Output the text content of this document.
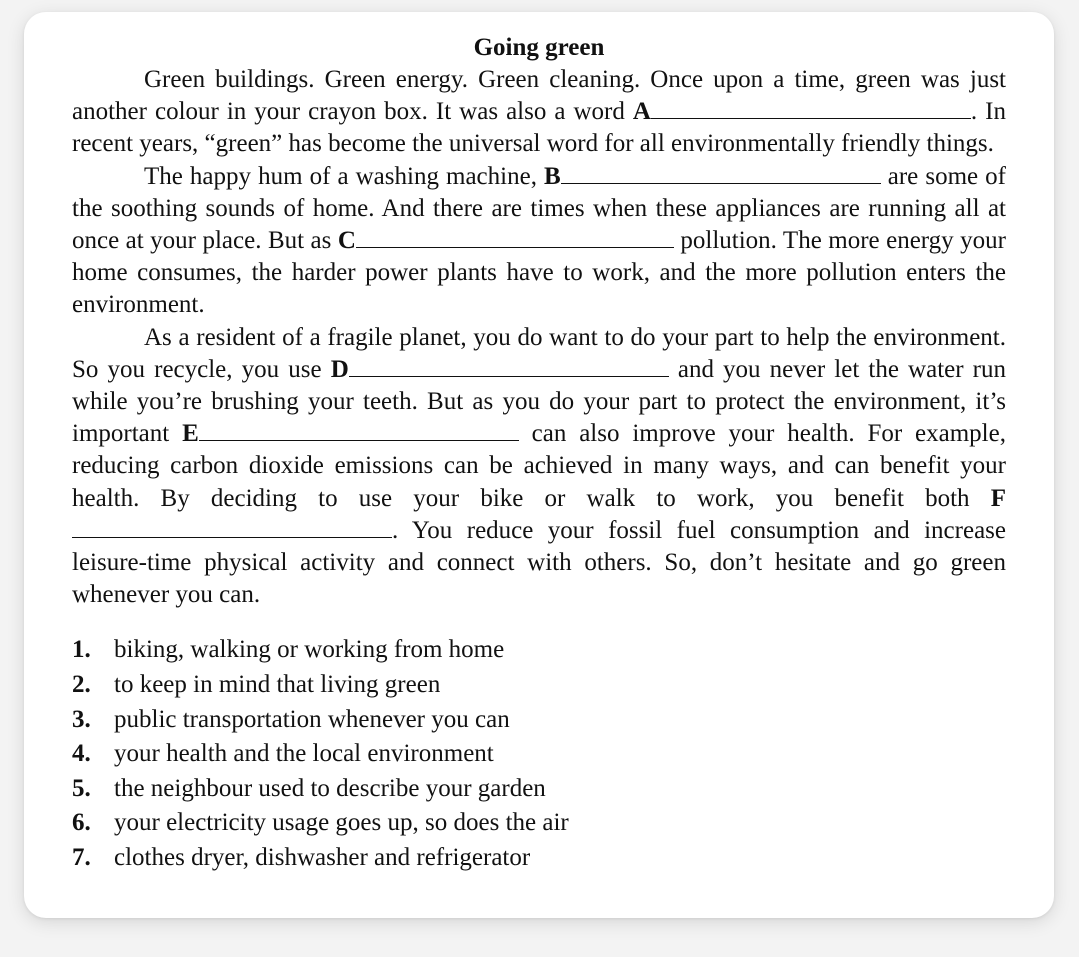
Going green

Green buildings. Green energy. Green cleaning. Once upon a time, green was just another colour in your crayon box. It was also a word A	. In recent years, “green” has become the universal word for all environmentally friendly things.

The happy hum of a washing machine, B	are some of the soothing sounds of home. And there are times when these appliances are running all at once at your place. But as C	pollution. The more energy your home consumes, the harder power plants have to work, and the more pollution enters the environment.

As a resident of a fragile planet, you do want to do your part to help the environment. So you recycle, you use D	and you never let the water run while you’re brushing your teeth. But as you do your part to protect the environment, it’s important E	can also improve your health. For example, reducing carbon dioxide emissions can be achieved in many ways, and can benefit your health. By deciding to use your bike or walk to work, you benefit both F. You reduce your fossil fuel consumption and increase leisure-time physical activity and connect with others. So, don’t hesitate and go green whenever you can.

1. biking, walking or working from home
2. to keep in mind that living green
3. public transportation whenever you can
4. your health and the local environment
5. the neighbour used to describe your garden
6. your electricity usage goes up, so does the air
7. clothes dryer, dishwasher and refrigerator
